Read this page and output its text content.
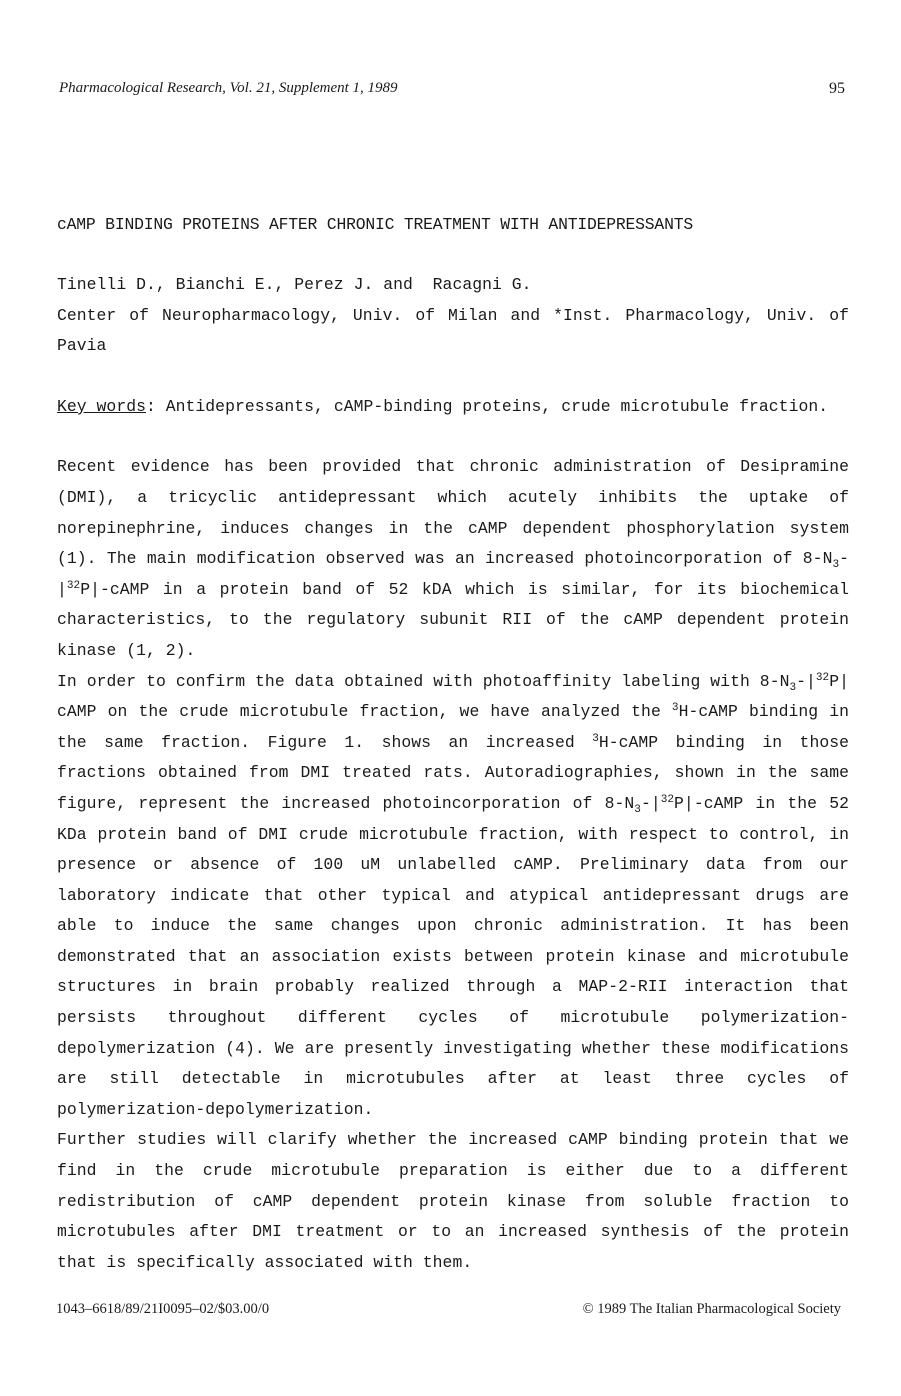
Pharmacological Research, Vol. 21, Supplement 1, 1989	95
cAMP BINDING PROTEINS AFTER CHRONIC TREATMENT WITH ANTIDEPRESSANTS
Tinelli D., Bianchi E., Perez J. and  Racagni G.

Center of Neuropharmacology, Univ. of Milan and *Inst. Pharmacology, Univ. of Pavia

Key words: Antidepressants, cAMP-binding proteins, crude microtubule fraction.

Recent evidence has been provided that chronic administration of Desipramine (DMI), a tricyclic antidepressant which acutely inhibits the uptake of norepinephrine, induces changes in the cAMP dependent phosphorylation system (1). The main modification observed was an increased photoincorporation of $8-N_3-|^{32}P|$-cAMP in a protein band of 52 kDA which is similar, for its biochemical characteristics, to the regulatory subunit RII of the cAMP dependent protein kinase (1, 2).

In order to confirm the data obtained with photoaffinity labeling with $8-N_3-|^{32}P|$ cAMP on the crude microtubule fraction, we have analyzed the $^3$H-cAMP binding in the same fraction. Figure 1. shows an increased $^3$H-cAMP binding in those fractions obtained from DMI treated rats. Autoradiographies, shown in the same figure, represent the increased photoincorporation of $8-N_3-|^{32}P|$-cAMP in the 52 KDa protein band of DMI crude microtubule fraction, with respect to control, in presence or absence of 100 uM unlabelled cAMP. Preliminary data from our laboratory indicate that other typical and atypical antidepressant drugs are able to induce the same changes upon chronic administration. It has been demonstrated that an association exists between protein kinase and microtubule structures in brain probably realized through a MAP-2-RII interaction that persists throughout different cycles of microtubule polymerization-depolymerization (4). We are presently investigating whether these modifications are still detectable in microtubules after at least three cycles of polymerization-depolymerization.

Further studies will clarify whether the increased cAMP binding protein that we find in the crude microtubule preparation is either due to a different redistribution of cAMP dependent protein kinase from soluble fraction to microtubules after DMI treatment or to an increased synthesis of the protein that is specifically associated with them.

1043–6618/89/21I0095–02/$03.00/0	© 1989 The Italian Pharmacological Society
